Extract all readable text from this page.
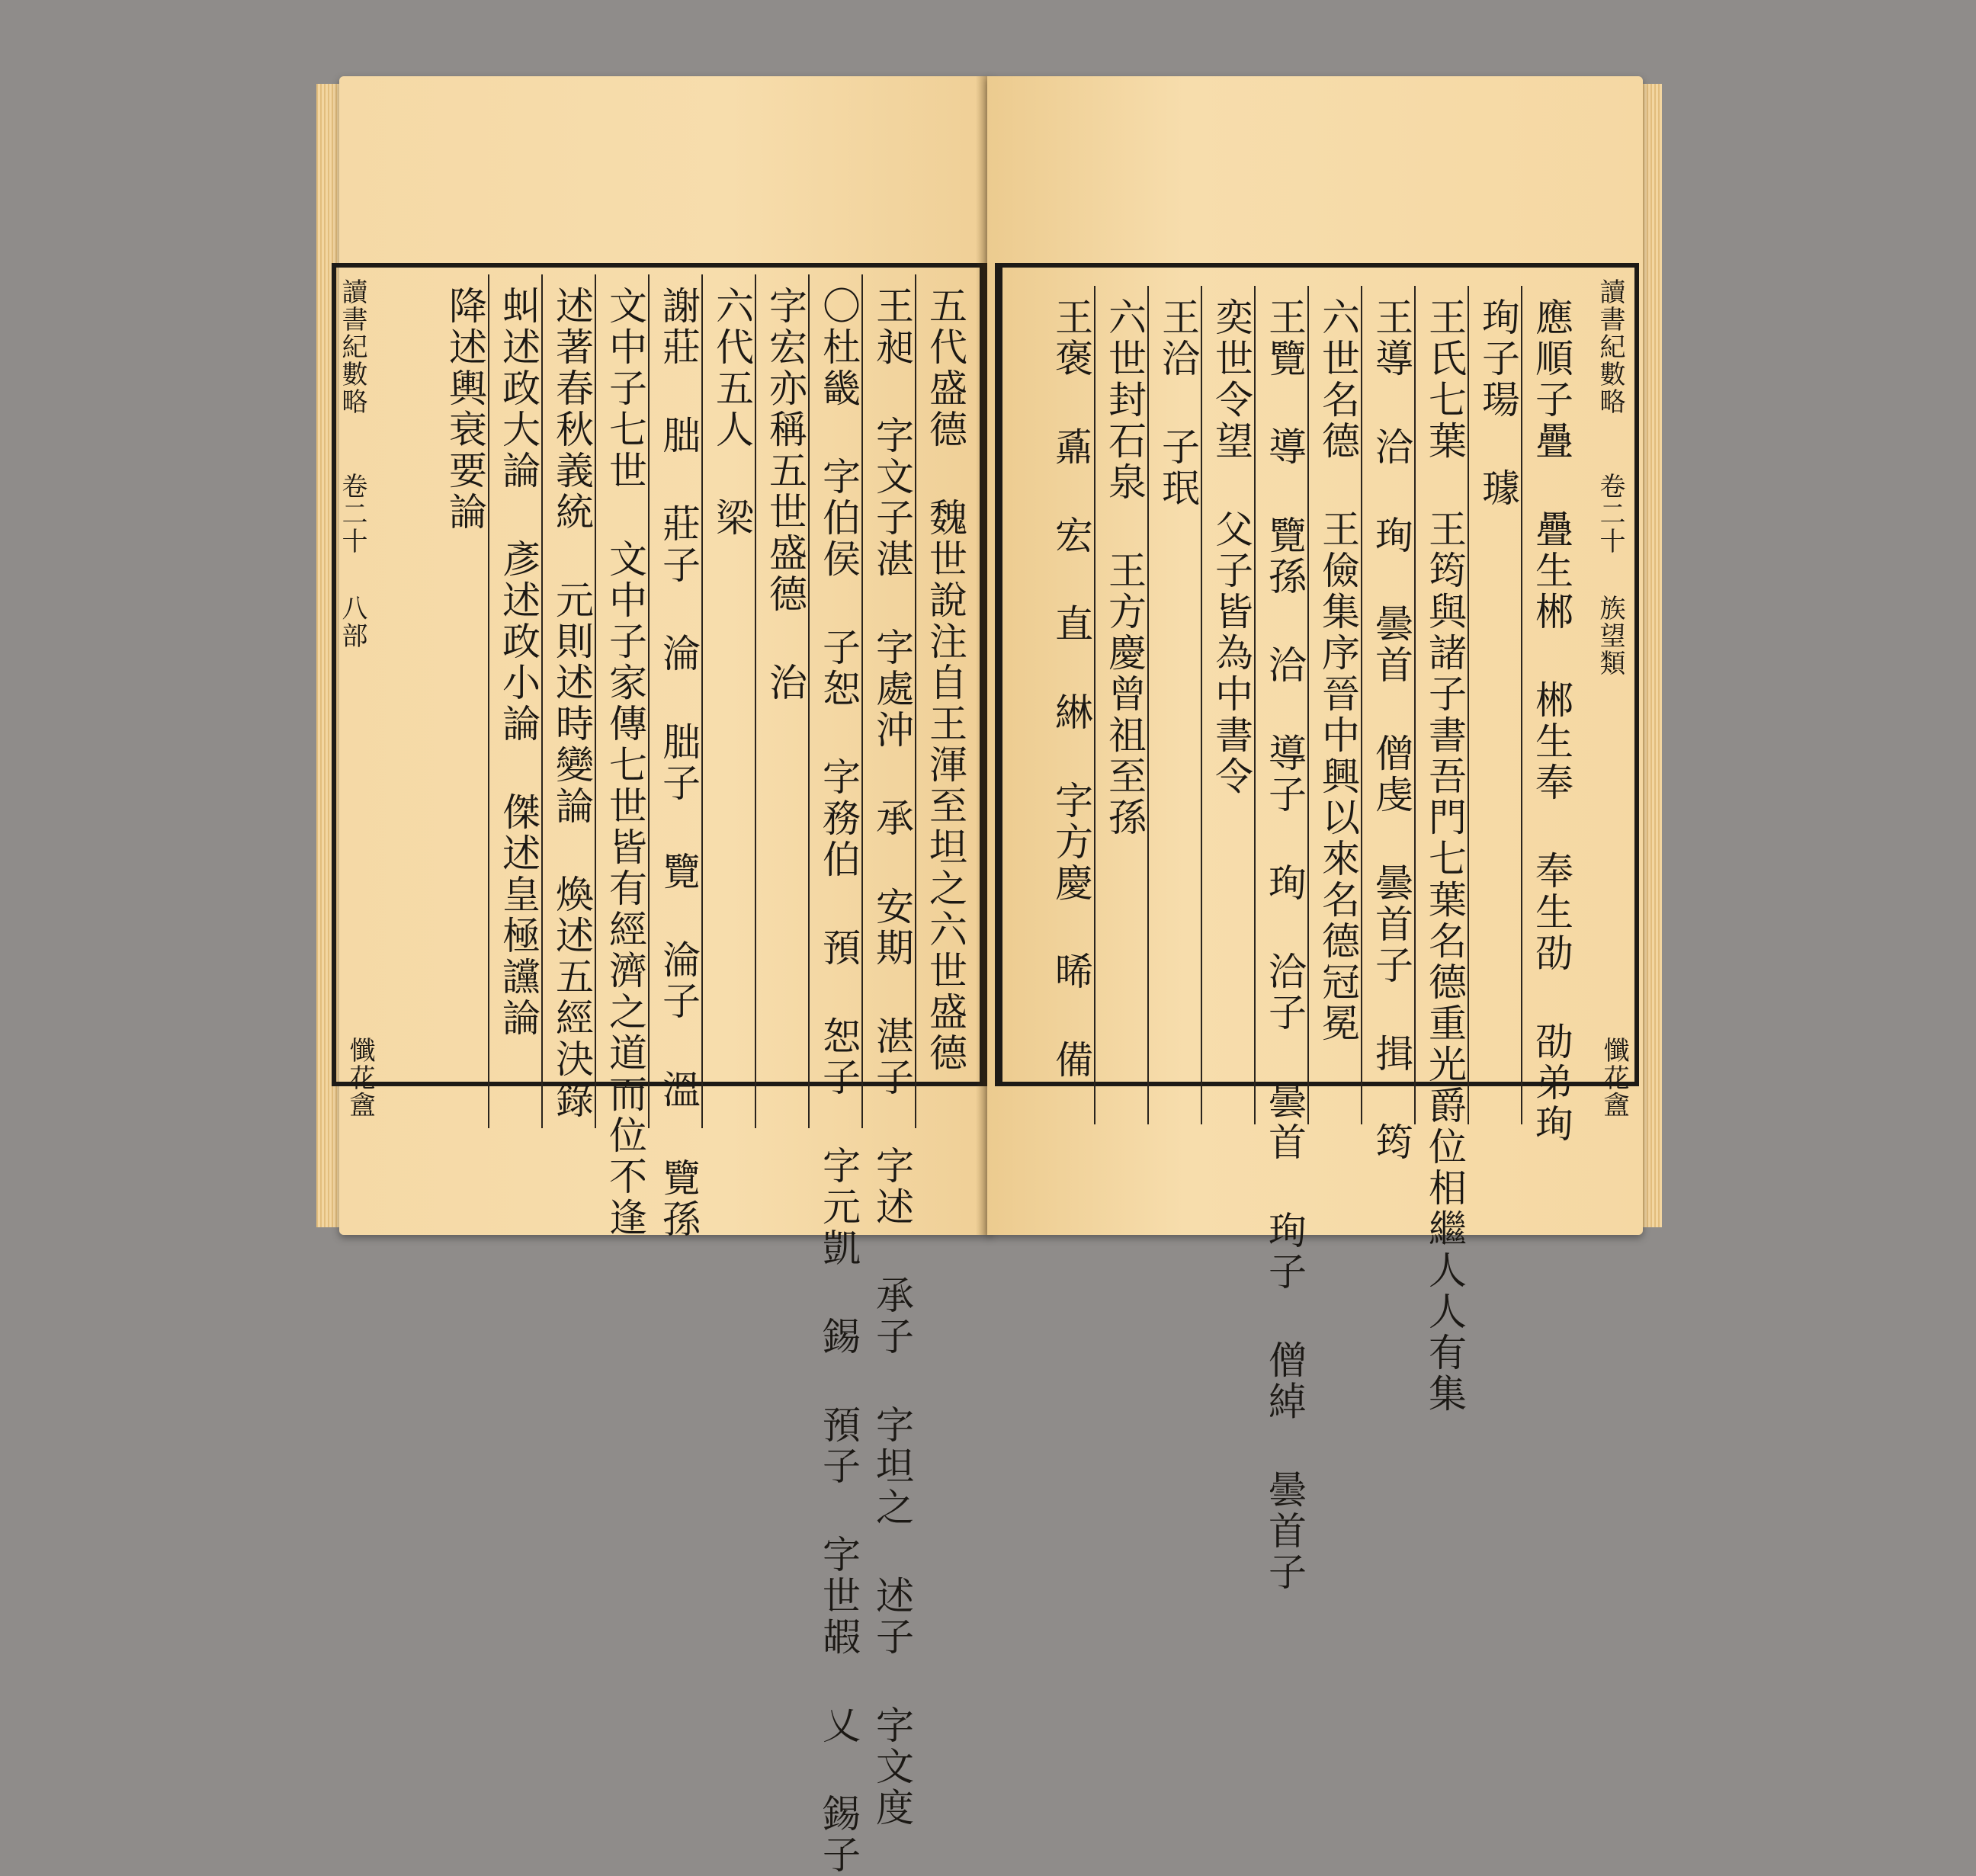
讀書紀數略
卷二十
八部
懺花盦
五代盛德 魏世說注自王渾至坦之六世盛德
王昶 字文子湛 字處沖 承 安期 湛子 字述 承子 字坦之 述子 字文度
〇杜畿 字伯侯 子恕 字務伯 預 恕子 字元凱 錫 預子 字世嘏 乂 錫子
字宏亦稱五世盛德 治
六代五人 梁
謝莊 朏 莊子 淪 朏子 覽 淪子 溫 覽孫
文中子七世 文中子家傳七世皆有經濟之道而位不逢
述著春秋義統 元則述時變論 煥述五經決錄
虯述政大論 彥述政小論 傑述皇極讜論
降述輿衰要論	讀書紀數略
卷二十
族望類
懺花盦
應順子疊 疊生郴 郴生奉 奉生劭 劭弟珣
珣子瑒 璩
王氏七葉 王筠與諸子書吾門七葉名德重光爵位相繼人人有集
王導 洽 珣 曇首 僧虔 曇首子 揖 筠
六世名德 王儉集序晉中興以來名德冠冕
王覽 導 覽孫 洽 導子 珣 洽子 曇首 珣子 僧綽 曇首子
奕世令望 父子皆為中書令
王洽 子珉
六世封石泉 王方慶曾祖至孫
王褒 鼒 宏 直 綝 字方慶 晞 備
